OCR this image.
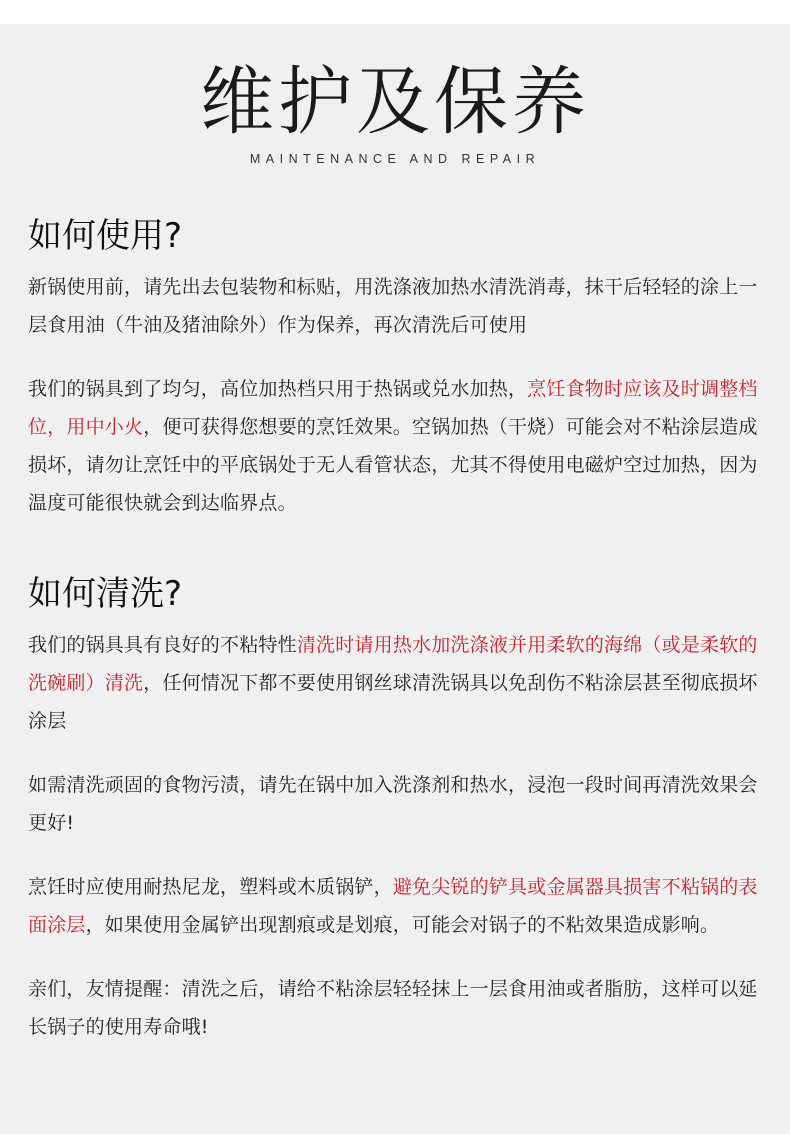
维护及保养
MAINTENANCE AND REPAIR
如何使用?

新锅使用前，请先出去包装物和标贴，用洗涤液加热水清洗消毒，抹干后轻轻的涂上一层食用油（牛油及猪油除外）作为保养，再次清洗后可使用

我们的锅具到了均匀，高位加热档只用于热锅或兑水加热，烹饪食物时应该及时调整档位，用中小火，便可获得您想要的烹饪效果。空锅加热（干烧）可能会对不粘涂层造成损坏，请勿让烹饪中的平底锅处于无人看管状态，尤其不得使用电磁炉空过加热，因为温度可能很快就会到达临界点。

如何清洗?

我们的锅具具有良好的不粘特性清洗时请用热水加洗涤液并用柔软的海绵（或是柔软的洗碗刷）清洗，任何情况下都不要使用钢丝球清洗锅具以免刮伤不粘涂层甚至彻底损坏涂层

如需清洗顽固的食物污渍，请先在锅中加入洗涤剂和热水，浸泡一段时间再清洗效果会更好!

烹饪时应使用耐热尼龙，塑料或木质锅铲，避免尖锐的铲具或金属器具损害不粘锅的表面涂层，如果使用金属铲出现割痕或是划痕，可能会对锅子的不粘效果造成影响。

亲们，友情提醒：清洗之后，请给不粘涂层轻轻抹上一层食用油或者脂肪，这样可以延长锅子的使用寿命哦!
